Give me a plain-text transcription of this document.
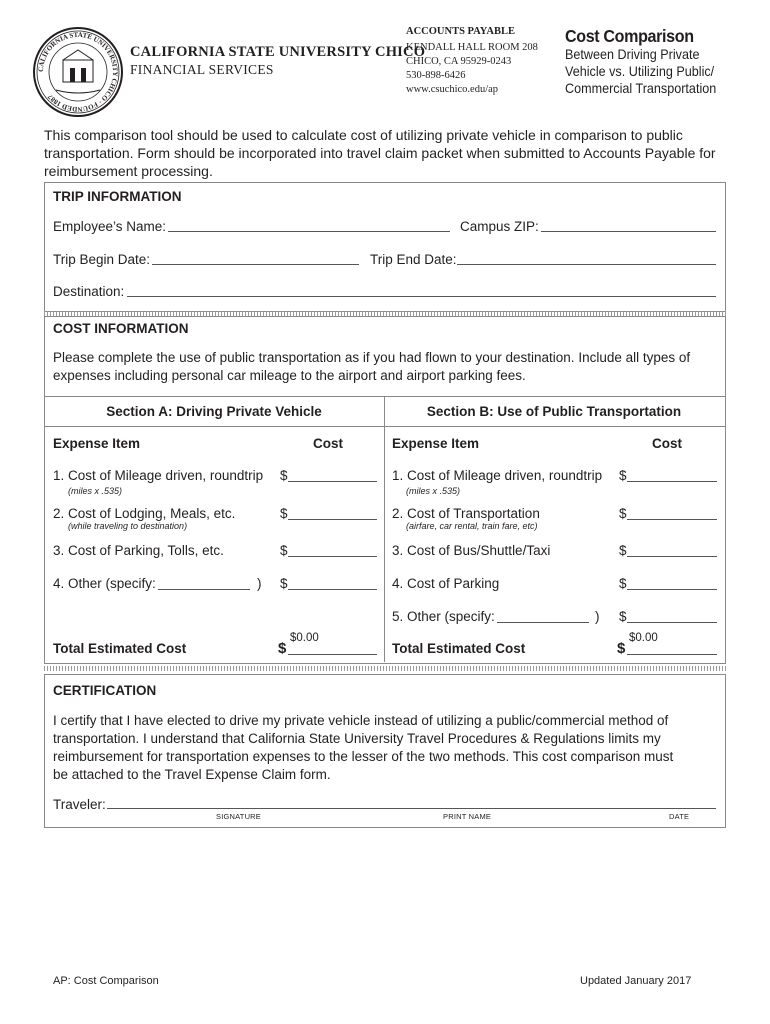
CALIFORNIA STATE UNIVERSITY CHICO · FOUNDED 1887
CALIFORNIA STATE UNIVERSITY CHICO
FINANCIAL SERVICES
ACCOUNTS PAYABLE
KENDALL HALL ROOM 208
CHICO, CA 95929-0243
530-898-6426
www.csuchico.edu/ap
Cost Comparison
Between Driving Private
Vehicle vs. Utilizing Public/
Commercial Transportation
This comparison tool should be used to calculate cost of utilizing private vehicle in comparison to public
transportation. Form should be incorporated into travel claim packet when submitted to Accounts Payable for
reimbursement processing.
TRIP INFORMATION
Employee’s Name:	Campus ZIP:
Trip Begin Date:	Trip End Date:
Destination:
COST INFORMATION
Please complete the use of public transportation as if you had flown to your destination. Include all types of
expenses including personal car mileage to the airport and airport parking fees.
Section A: Driving Private Vehicle
Expense Item	Cost
1. Cost of Mileage driven, roundtrip
(miles x .535)
$
2. Cost of Lodging, Meals, etc.
(while traveling to destination)
$
3. Cost of Parking, Tolls, etc.	$
4. Other (specify:	) $
Total Estimated Cost	$
$0.00
Section B: Use of Public Transportation
Expense Item	Cost
1. Cost of Mileage driven, roundtrip
(miles x .535)
$
2. Cost of Transportation
(airfare, car rental, train fare, etc)
$
3. Cost of Bus/Shuttle/Taxi	$
4. Cost of Parking	$
5. Other (specify:	) $
Total Estimated Cost	$
$0.00
CERTIFICATION
I certify that I have elected to drive my private vehicle instead of utilizing a public/commercial method of
transportation. I understand that California State University Travel Procedures & Regulations limits my
reimbursement for transportation expenses to the lesser of the two methods. This cost comparison must
be attached to the Travel Expense Claim form.
Traveler:
SIGNATURE	PRINT NAME	DATE
AP: Cost Comparison	Updated January 2017
